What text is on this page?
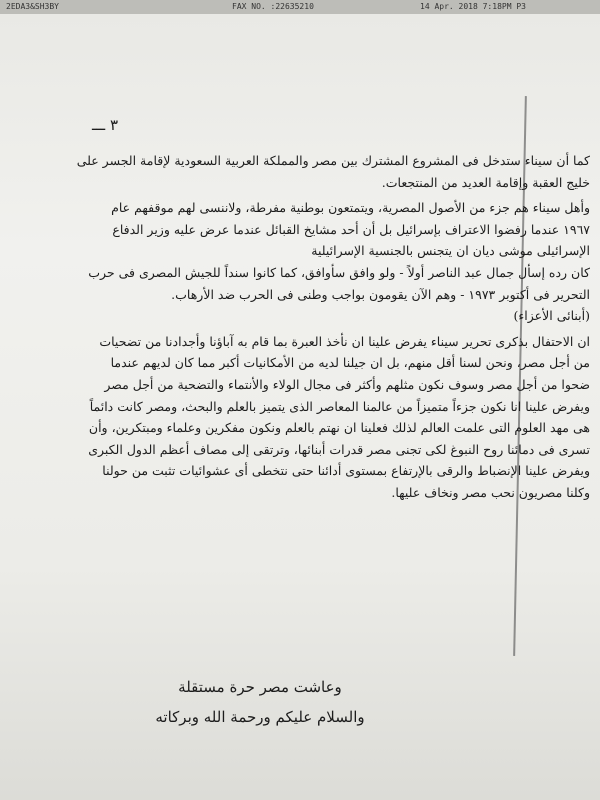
2EDA3&SH3BY	FAX NO. :22635210	14 Apr. 2018 7:18PM P3
٣ ـــ

كما أن سيناء ستدخل فى المشروع المشترك بين مصر والمملكة العربية السعودية لإقامة الجسر على

خليج العقبة وإقامة العديد من المنتجعات.

وأهل سيناء هم جزء من الأصول المصرية، ويتمتعون بوطنية مفرطة، ولاننسى لهم موقفهم عام

١٩٦٧ عندما رفضوا الاعتراف بإسرائيل بل أن أحد مشايخ القبائل عندما عرض عليه وزير الدفاع

الإسرائيلى موشى ديان ان يتجنس بالجنسية الإسرائيلية

كان رده إسأل جمال عبد الناصر أولاً - ولو وافق سأوافق، كما كانوا سنداً للجيش المصرى فى حرب

التحرير فى أكتوبر ١٩٧٣ - وهم الآن يقومون بواجب وطنى فى الحرب ضد الأرهاب.

(أبنائى الأعزاء)

ان الاحتفال بذكرى تحرير سيناء يفرض علينا ان نأخذ العبرة بما قام به آباؤنا وأجدادنا من تضحيات

من أجل مصر، ونحن لسنا أقل منهم، بل ان جيلنا لديه من الأمكانيات أكبر مما كان لديهم عندما

ضحوا من أجل مصر وسوف نكون مثلهم وأكثر فى مجال الولاء والأنتماء والتضحية من أجل مصر

ويفرض علينا انا نكون جزءاً متميزاً من عالمنا المعاصر الذى يتميز بالعلم والبحث، ومصر كانت دائماً

هى مهد العلوم التى علمت العالم لذلك فعلينا ان نهتم بالعلم ونكون مفكرين وعلماء ومبتكرين، وأن

تسرى فى دمائنا روح النبوغ لكى تجنى مصر قدرات أبنائها، وترتقى إلى مصاف أعظم الدول الكبرى

ويفرض علينا الإنضباط والرقى بالإرتفاع بمستوى أدائنا حتى نتخطى أى عشوائيات تثبت من حولنا

وكلنا مصريون نحب مصر ونخاف عليها.

وعاشت مصر حرة مستقلة

والسلام عليكم ورحمة الله وبركاته
